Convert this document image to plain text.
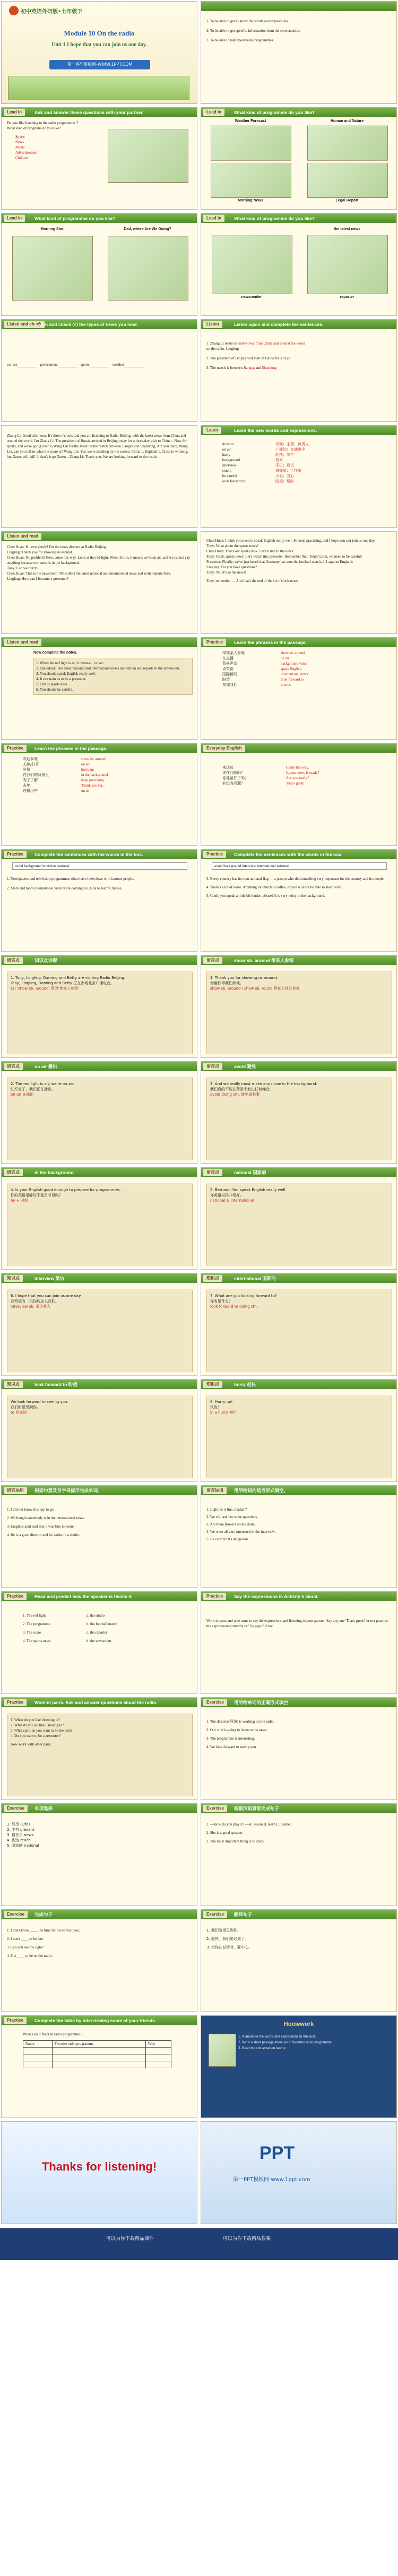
初中英语外研版•七年级下
Module 10 On the radio
Unit 1 I hope that you can join us one day.
第一PPT模板网-WWW.1PPT.COM
1. To be able to get to know the words and expressions.
2. To be able to get specific information from the conversation.
3. To be able to talk about radio programmes.
Lead in	Ask and answer these questions with your partner.
Do you like listening to the radio programmes ?
What kind of programs do you like?
Sports
News
Music
Advertisement
Children
Lead in	What kind of programme do you like?
Weather Forecast	Human and Nature
Morning News	Legal Report
Lead in	What kind of programme do you like?
Morning Star	Dad, where Are We Going?
Lead in	What kind of programme do you like?
the latest news
newsreader	reporter
Listen and check
Listen and check (√) the types of news you hear.
culture	government	sports	weather
Listen	Listen again and complete the sentences.
1. Zhang Li reads the interviews from China and around the world
on the radio. Lingling
2. The president of Beijing will visit in China for 3 days
3. The match is between Jiangsu and Shandong
Zhang Li: Good afternoon. It's three o'clock, and you are listening to Radio Beijing, with the latest news from China and around the world. I'm Zhang Li. The president of Russia arrived in Beijing today for a three-day visit to China... Now for sports, and we're going over to Wang Lin for the latest on the match between Jiangsu and Shandong. Are you there, Wang Lin, can you tell us what the score is? Wang Lin: Yes, we're standing by the screen. China 1, England 1. Close to winning, but Daren will fail! In that's it go Daren... Zhang Li: Thank you. We are looking forward to the result.
Learn	Learn the new words and expressions.
director	导演；主管；负责人
on air	广播的；在播出中
hurry	赶快；匆忙
background	背景
interview	采访；面试
studio	演播室；工作室
be careful	小心；当心
look forward to	盼望；期盼
Listen and read
Chen Huan: Hi, everybody! I'm the news director at Radio Beijing.
Lingling: Thank you for showing us around.
Chen Huan: No problem! Now, come this way. Look at the red light. When it's on, it means we're on air, and we cannot say anything because our voice is in the background.
Tony: Can we hurry?
Chen Huan: This is the newsroom. We collect the latest national and international news and write reports here.
Lingling: How can I become a presenter?
Chen Huan: I think you need to speak English really well. So keep practising, and I hope you can join us one day.
Tony: What about the sports news?
Chen Huan: That's our sports desk. Let's listen to the news.
Tony: Gosh, sports news! Let's watch this presenter. Remember that, Tony? Look, we need to be careful!
Presenter: Finally, we've just heard that Germany has won the football match, 2-1 against England.
Lingling: Do you have questions?
Tony: No, it's so the news!
Tony, remember … And that's the end of the six o'clock news.
Listen and read
Now complete the notes.
1. When the red light is on, it means… on air
2. The editor: The latest national and international news are written and reports in the newsroom.
3. You should speak English really well.
4. It can train us to be a presenter.
5. This is sports desk.
6. You should be careful.
Practice	Learn the phrases in the passage.
带领某人参观	show sb. around
在直播	on air
背景声音	background voice
说英语	speak English
国际新闻	international news
盼望	look forward to
参加我们	join us
Practice	Learn the phrases in the passage.
欢迎参观	show sb. around
关掉/打开	on air
赶快	hurry up
在我们的背景里	in the background
为了了解	keep practising
去年	Thank you for...
在播出中	on air
Everyday English
来这边	Come this way.
你在问题吗？	Is your news is ready?
你准备好了吗？	Are you ready?
有没有问题？	That's great!
Practice	Complete the sentences with the words in the box.
avoid background interview national
1. Newspapers and television programmes often have interviews with famous people.
2. More and more international visitors are coming to China to learn Chinese.
Practice	Complete the sentences with the words in the box.
avoid background interview international national
3. Every country has its own national flag — a person who did something very important for the country and its people.
4. There's a lot of noise. Anything too much to coffee, or you will not be able to sleep well.
5. Could you speak a little bit louder, please? It is very noisy in the background.
语言点	知识点讲解
1. Tony, Lingling, Daming and Betty are visiting Radio Beijing.
Tony, Lingling, Daming and Betty 正在参观北京广播电台。
(1) 'show sb. around' 意为'带某人参观'
语言点	show sb. around 带某人参观
1. Thank you for showing us around.
谢谢你带我们参观。
show sb. around / show sb. round 带某人到处参观
语言点	on air 播出
2. The red light is on, we're on air.
红灯亮了，我们正在播出。
on air 在播出
语言点	avoid 避免
3. And we really must make any noise in the background.
我们真的不能在背景中发出任何噪音。
avoid doing sth. 避免做某事
语言点	in the background
4. Is your English good enough to prepare for programmes.
你的英语足够好来准备节目吗？
by + 时间
语言点	national 国家的
5. Bernard: You speak English really well.
你英语说得非常好。
national & international
知识点	interview 采访
6. I hope that you can join us one day.
我希望有一天你能加入我们。
interview sb. 采访某人
知识点	international 国际的
7. What are you looking forward to?
你盼望什么？
look forward to doing sth.
知识点	look forward to 盼望
We look forward to seeing you.
我们盼望见到你。
to 是介词
知识点	hurry 赶快
8. Hurry up!
快点！
in a hurry 匆忙
语言运用	根据句意及首字母提示完成单词。
1. I did not know this day to go.
2. We bought somebody is in the international news.
3. Linglin's aunt said that it was fine to come.
4. He is a good director and he works in a studio.
语言运用	用所给词的适当形式填空。
1. Light: Is it fine, madam?
2. We will ask her some questions.
3. Are there flowers on the desk?
4. We were all very interested in the interview.
5. Be careful! It's dangerous.
Practice	Read and predict how the speaker is thinks it.
1. The red light	a. the studio
2. The programme	b. the football match
3. The score	c. the reporter
4. The sports news	d. the newsroom
Practice	Say the expressions in Activity 5 aloud.
Work in pairs and take turns to say the expressions and listening to your partner. Say any one 'That's great!' or not practice the expressions correctly or 'Try again' if not.
Practice	Work in pairs. Ask and answer questions about the radio.
1. When do you like listening to?
2. What do you do like listening to?
3. What sport do you want to be the best?
4. Do you want to be a presenter?
Now work with other pairs.
Exercise	用所给单词的正确形式填空
1. The director(导演) is working on the radio.
2. Our club is going to listen to the news.
3. The programme is interesting.
4. We look forward to seeing you.
Exercise	单项选择
1. 经历 (Life)
2. 主持 present
3. 播音员 news
4. 到达 reach
5. 国家的 national
Exercise	根据汉语意思完成句子
1. —How do you play it? —A. lesson B. learn C. learned
2. She is a good speaker.
3. The most important thing is to study.
Exercise	完成句子
1. I don't know ____ the time for me to visit you.
2. I don't ____ to be late.
3. Can you see the light?
4. She ____ to be on the radio.
Exercise	翻译句子
1. 我们盼望见到你。
2. 赶快，我们要迟到了。
3. 当你在说话时，要小心。
Practice	Complete the table by interviewing some of your friends.
What's your favorite radio programme ?
Name	Favorite radio programme	Why

Homework
1. Remember the words and expressions in this unit.
2. Write a short passage about your favourite radio programme.
3. Read the conversation loudly.
Thanks for listening!
PPT
第一PPT模板网 www.1ppt.com
可以为你下载精品课件	可以为你下载精品教案
